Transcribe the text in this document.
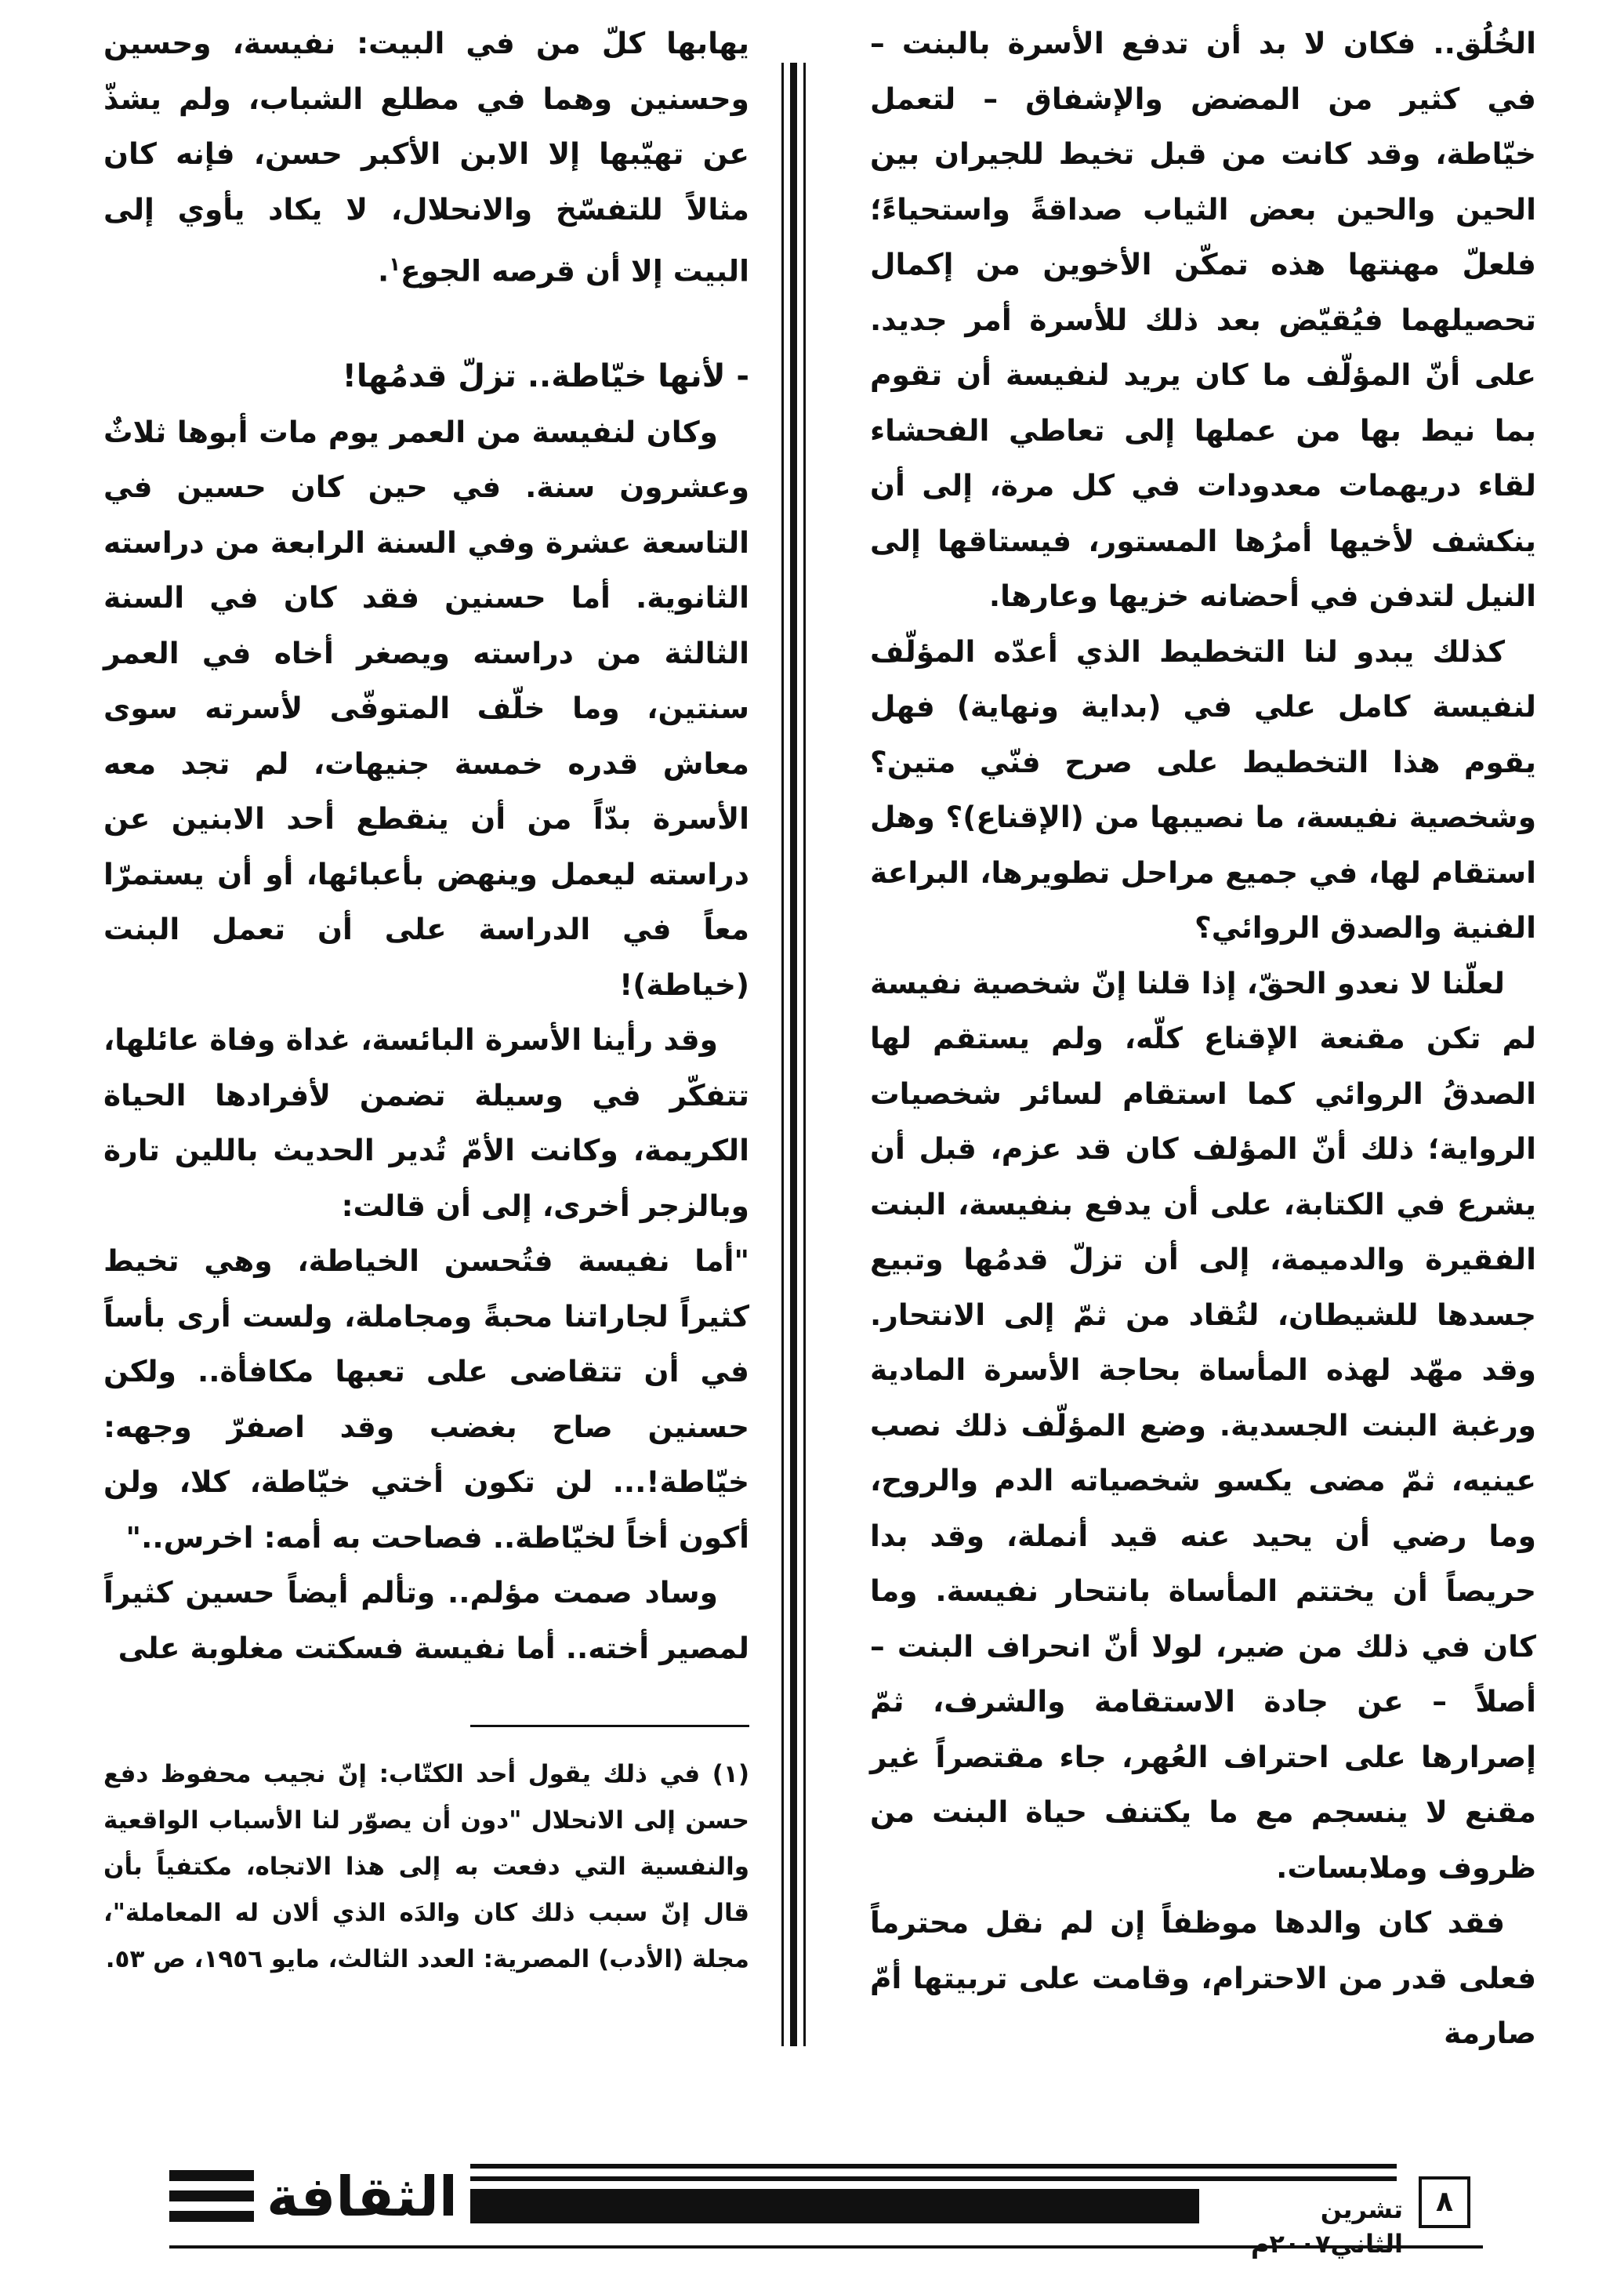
الخُلُق.. فكان لا بد أن تدفع الأسرة بالبنت – في كثير من المضض والإشفاق – لتعمل خيّاطة، وقد كانت من قبل تخيط للجيران بين الحين والحين بعض الثياب صداقةً واستحياءً؛ فلعلّ مهنتها هذه تمكّن الأخوين من إكمال تحصيلهما فيُقيّض بعد ذلك للأسرة أمر جديد. على أنّ المؤلّف ما كان يريد لنفيسة أن تقوم بما نيط بها من عملها إلى تعاطي الفحشاء لقاء دريهمات معدودات في كل مرة، إلى أن ينكشف لأخيها أمرُها المستور، فيستاقها إلى النيل لتدفن في أحضانه خزيها وعارها.

كذلك يبدو لنا التخطيط الذي أعدّه المؤلّف لنفيسة كامل علي في (بداية ونهاية) فهل يقوم هذا التخطيط على صرح فنّي متين؟ وشخصية نفيسة، ما نصيبها من (الإقناع)؟ وهل استقام لها، في جميع مراحل تطويرها، البراعة الفنية والصدق الروائي؟

لعلّنا لا نعدو الحقّ، إذا قلنا إنّ شخصية نفيسة لم تكن مقنعة الإقناع كلّه، ولم يستقم لها الصدقُ الروائي كما استقام لسائر شخصيات الرواية؛ ذلك أنّ المؤلف كان قد عزم، قبل أن يشرع في الكتابة، على أن يدفع بنفيسة، البنت الفقيرة والدميمة، إلى أن تزلّ قدمُها وتبيع جسدها للشيطان، لتُقاد من ثمّ إلى الانتحار. وقد مهّد لهذه المأساة بحاجة الأسرة المادية ورغبة البنت الجسدية. وضع المؤلّف ذلك نصب عينيه، ثمّ مضى يكسو شخصياته الدم والروح، وما رضي أن يحيد عنه قيد أنملة، وقد بدا حريصاً أن يختتم المأساة بانتحار نفيسة. وما كان في ذلك من ضير، لولا أنّ انحراف البنت – أصلاً – عن جادة الاستقامة والشرف، ثمّ إصرارها على احتراف العُهر، جاء مقتصراً غير مقنع لا ينسجم مع ما يكتنف حياة البنت من ظروف وملابسات.

فقد كان والدها موظفاً إن لم نقل محترماً فعلى قدر من الاحترام، وقامت على تربيتها أمّ صارمة

يهابها كلّ من في البيت: نفيسة، وحسين وحسنين وهما في مطلع الشباب، ولم يشذّ عن تهيّبها إلا الابن الأكبر حسن، فإنه كان مثالاً للتفسّخ والانحلال، لا يكاد يأوي إلى البيت إلا أن قرصه الجوع$^١$.

- لأنها خيّاطة.. تزلّ قدمُها!

وكان لنفيسة من العمر يوم مات أبوها ثلاثٌ وعشرون سنة. في حين كان حسين في التاسعة عشرة وفي السنة الرابعة من دراسته الثانوية. أما حسنين فقد كان في السنة الثالثة من دراسته ويصغر أخاه في العمر سنتين، وما خلّف المتوفّى لأسرته سوى معاش قدره خمسة جنيهات، لم تجد معه الأسرة بدّاً من أن ينقطع أحد الابنين عن دراسته ليعمل وينهض بأعبائها، أو أن يستمرّا معاً في الدراسة على أن تعمل البنت (خياطة)!

وقد رأينا الأسرة البائسة، غداة وفاة عائلها، تتفكّر في وسيلة تضمن لأفرادها الحياة الكريمة، وكانت الأمّ تُدير الحديث باللين تارة وبالزجر أخرى، إلى أن قالت:

"أما نفيسة فتُحسن الخياطة، وهي تخيط كثيراً لجاراتنا محبةً ومجاملة، ولست أرى بأساً في أن تتقاضى على تعبها مكافأة.. ولكن حسنين صاح بغضب وقد اصفرّ وجهه: خيّاطة!... لن تكون أختي خيّاطة، كلا، ولن أكون أخاً لخيّاطة.. فصاحت به أمه: اخرس.."

وساد صمت مؤلم.. وتألم أيضاً حسين كثيراً لمصير أخته.. أما نفيسة فسكتت مغلوبة على

(١) في ذلك يقول أحد الكتّاب: إنّ نجيب محفوظ دفع حسن إلى الانحلال "دون أن يصوّر لنا الأسباب الواقعية والنفسية التي دفعت به إلى هذا الاتجاه، مكتفياً بأن قال إنّ سبب ذلك كان والدَه الذي ألان له المعاملة"، مجلة (الأدب) المصرية: العدد الثالث، مايو ١٩٥٦، ص ٥٣.

الثقافة	تشرين الثاني٢٠٠٧م
٨
